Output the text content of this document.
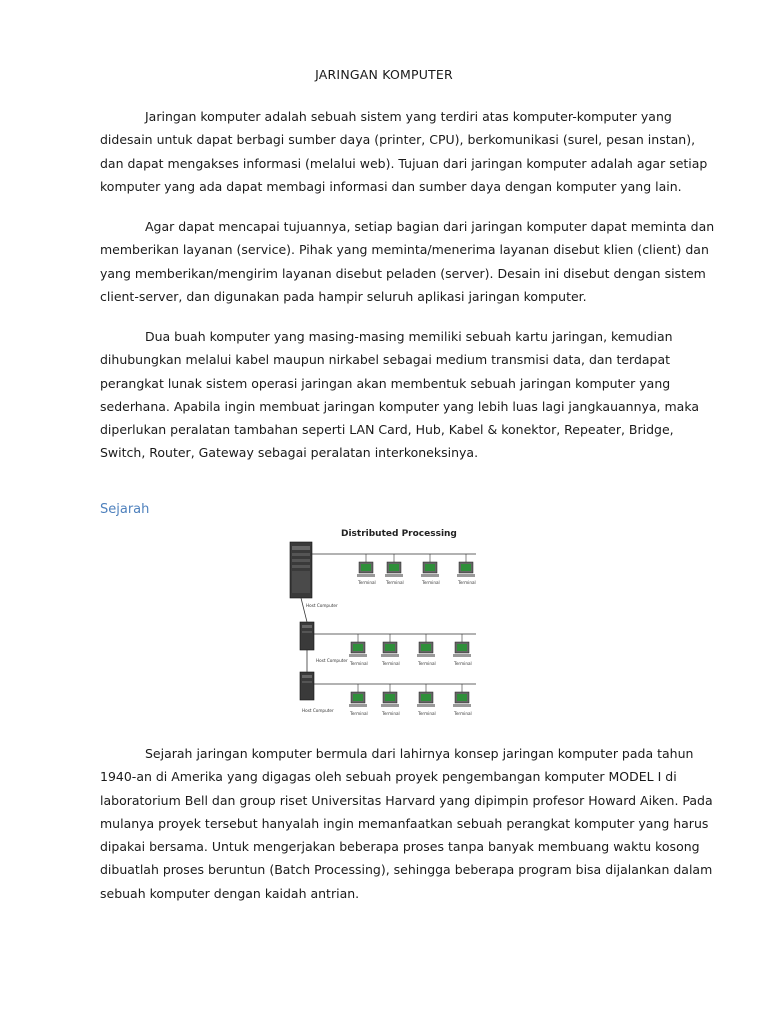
JARINGAN KOMPUTER

Jaringan komputer adalah sebuah sistem yang terdiri atas komputer-komputer yang

didesain untuk dapat berbagi sumber daya (printer, CPU), berkomunikasi (surel, pesan instan),

dan dapat mengakses informasi (melalui web). Tujuan dari jaringan komputer adalah agar setiap

komputer yang ada dapat membagi informasi dan sumber daya dengan komputer yang lain.

Agar dapat mencapai tujuannya, setiap bagian dari jaringan komputer dapat meminta dan

memberikan layanan (service). Pihak yang meminta/menerima layanan disebut klien (client) dan

yang memberikan/mengirim layanan disebut peladen (server). Desain ini disebut dengan sistem

client-server, dan digunakan pada hampir seluruh aplikasi jaringan komputer.

Dua buah komputer yang masing-masing memiliki sebuah kartu jaringan, kemudian

dihubungkan melalui kabel maupun nirkabel sebagai medium transmisi data, dan terdapat

perangkat lunak sistem operasi jaringan akan membentuk sebuah jaringan komputer yang

sederhana. Apabila ingin membuat jaringan komputer yang lebih luas lagi jangkauannya, maka

diperlukan peralatan tambahan seperti LAN Card, Hub, Kabel & konektor, Repeater, Bridge,

Switch, Router, Gateway sebagai peralatan interkoneksinya.

Sejarah
Distributed Processing
Host Computer
Host Computer
Host Computer
Terminal Terminal	Terminal	Terminal
Terminal	Terminal	Terminal	Terminal
Terminal	Terminal	Terminal	Terminal

Sejarah jaringan komputer bermula dari lahirnya konsep jaringan komputer pada tahun

1940-an di Amerika yang digagas oleh sebuah proyek pengembangan komputer MODEL I di

laboratorium Bell dan group riset Universitas Harvard yang dipimpin profesor Howard Aiken. Pada

mulanya proyek tersebut hanyalah ingin memanfaatkan sebuah perangkat komputer yang harus

dipakai bersama. Untuk mengerjakan beberapa proses tanpa banyak membuang waktu kosong

dibuatlah proses beruntun (Batch Processing), sehingga beberapa program bisa dijalankan dalam

sebuah komputer dengan kaidah antrian.
